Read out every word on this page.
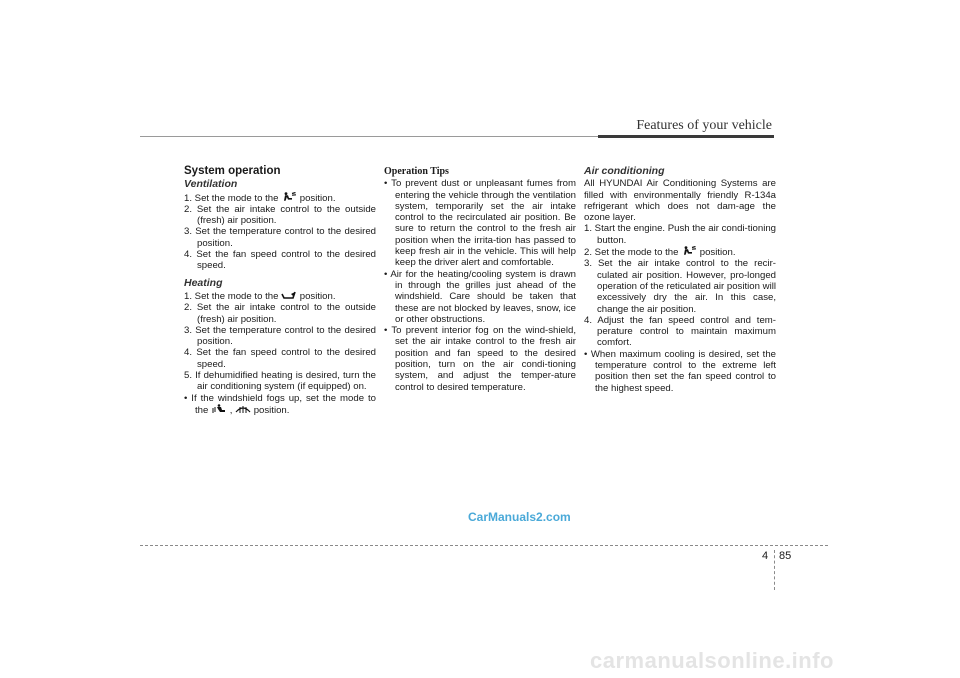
Features of your vehicle
System operation
Ventilation

1. Set the mode to the position.

2. Set the air intake control to the outside (fresh) air position.

3. Set the temperature control to the desired position.

4. Set the fan speed control to the desired speed.

Heating

1. Set the mode to the position.

2. Set the air intake control to the outside (fresh) air position.

3. Set the temperature control to the desired position.

4. Set the fan speed control to the desired speed.

5. If dehumidified heating is desired, turn the air conditioning system (if equipped) on.

• If the windshield fogs up, set the mode to the , position.

Operation Tips

• To prevent dust or unpleasant fumes from entering the vehicle through the ventilation system, temporarily set the air intake control to the recirculated air position. Be sure to return the control to the fresh air position when the irrita-tion has passed to keep fresh air in the vehicle. This will help keep the driver alert and comfortable.

• Air for the heating/cooling system is drawn in through the grilles just ahead of the windshield. Care should be taken that these are not blocked by leaves, snow, ice or other obstructions.

• To prevent interior fog on the wind-shield, set the air intake control to the fresh air position and fan speed to the desired position, turn on the air condi-tioning system, and adjust the temper-ature control to desired temperature.

Air conditioning

All HYUNDAI Air Conditioning Systems are filled with environmentally friendly R-134a refrigerant which does not dam-age the ozone layer.

1. Start the engine. Push the air condi-tioning button.

2. Set the mode to the position.

3. Set the air intake control to the recir-culated air position. However, pro-longed operation of the reticulated air position will excessively dry the air. In this case, change the air position.

4. Adjust the fan speed control and tem-perature control to maintain maximum comfort.

• When maximum cooling is desired, set the temperature control to the extreme left position then set the fan speed control to the highest speed.

CarManuals2.com
4 85
carmanualsonline.info
